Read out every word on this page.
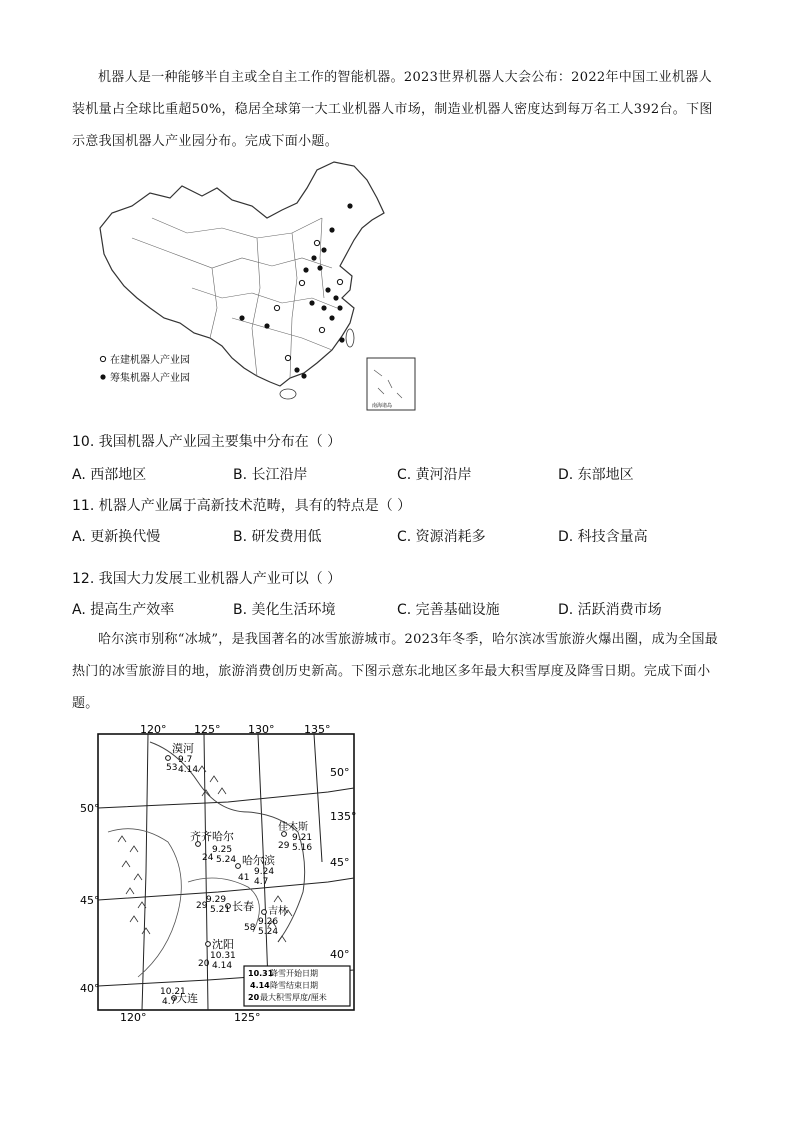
机器人是一种能够半自主或全自主工作的智能机器。2023世界机器人大会公布：2022年中国工业机器人装机量占全球比重超50%，稳居全球第一大工业机器人市场，制造业机器人密度达到每万名工人392台。下图示意我国机器人产业园分布。完成下面小题。
在建机器人产业园
筹集机器人产业园
南海诸岛
10. 我国机器人产业园主要集中分布在（ ）
A. 西部地区	B. 长江沿岸	C. 黄河沿岸	D. 东部地区
11. 机器人产业属于高新技术范畴，具有的特点是（ ）
A. 更新换代慢	B. 研发费用低	C. 资源消耗多	D. 科技含量高
12. 我国大力发展工业机器人产业可以（ ）
A. 提高生产效率	B. 美化生活环境	C. 完善基础设施	D. 活跃消费市场
哈尔滨市别称“冰城”，是我国著名的冰雪旅游城市。2023年冬季，哈尔滨冰雪旅游火爆出圈，成为全国最热门的冰雪旅游目的地，旅游消费创历史新高。下图示意东北地区多年最大积雪厚度及降雪日期。完成下面小题。
120°	125°	130°	135°
120°	125°
50°
50°
135°
45°
45°
40°
40°
漠河
9.7
53 4.14
齐齐哈尔
9.25
24 5.24 哈尔滨
9.24
41 4.7
佳木斯
9.21
29 5.16
长春
9.29
29 5.21	吉林
9.26
58 5.24
沈阳
10.31
20 4.14
大连
10.21
4.7
10.31
降雪开始日期
4.14 降雪结束日期
20 最大积雪厚度/厘米
